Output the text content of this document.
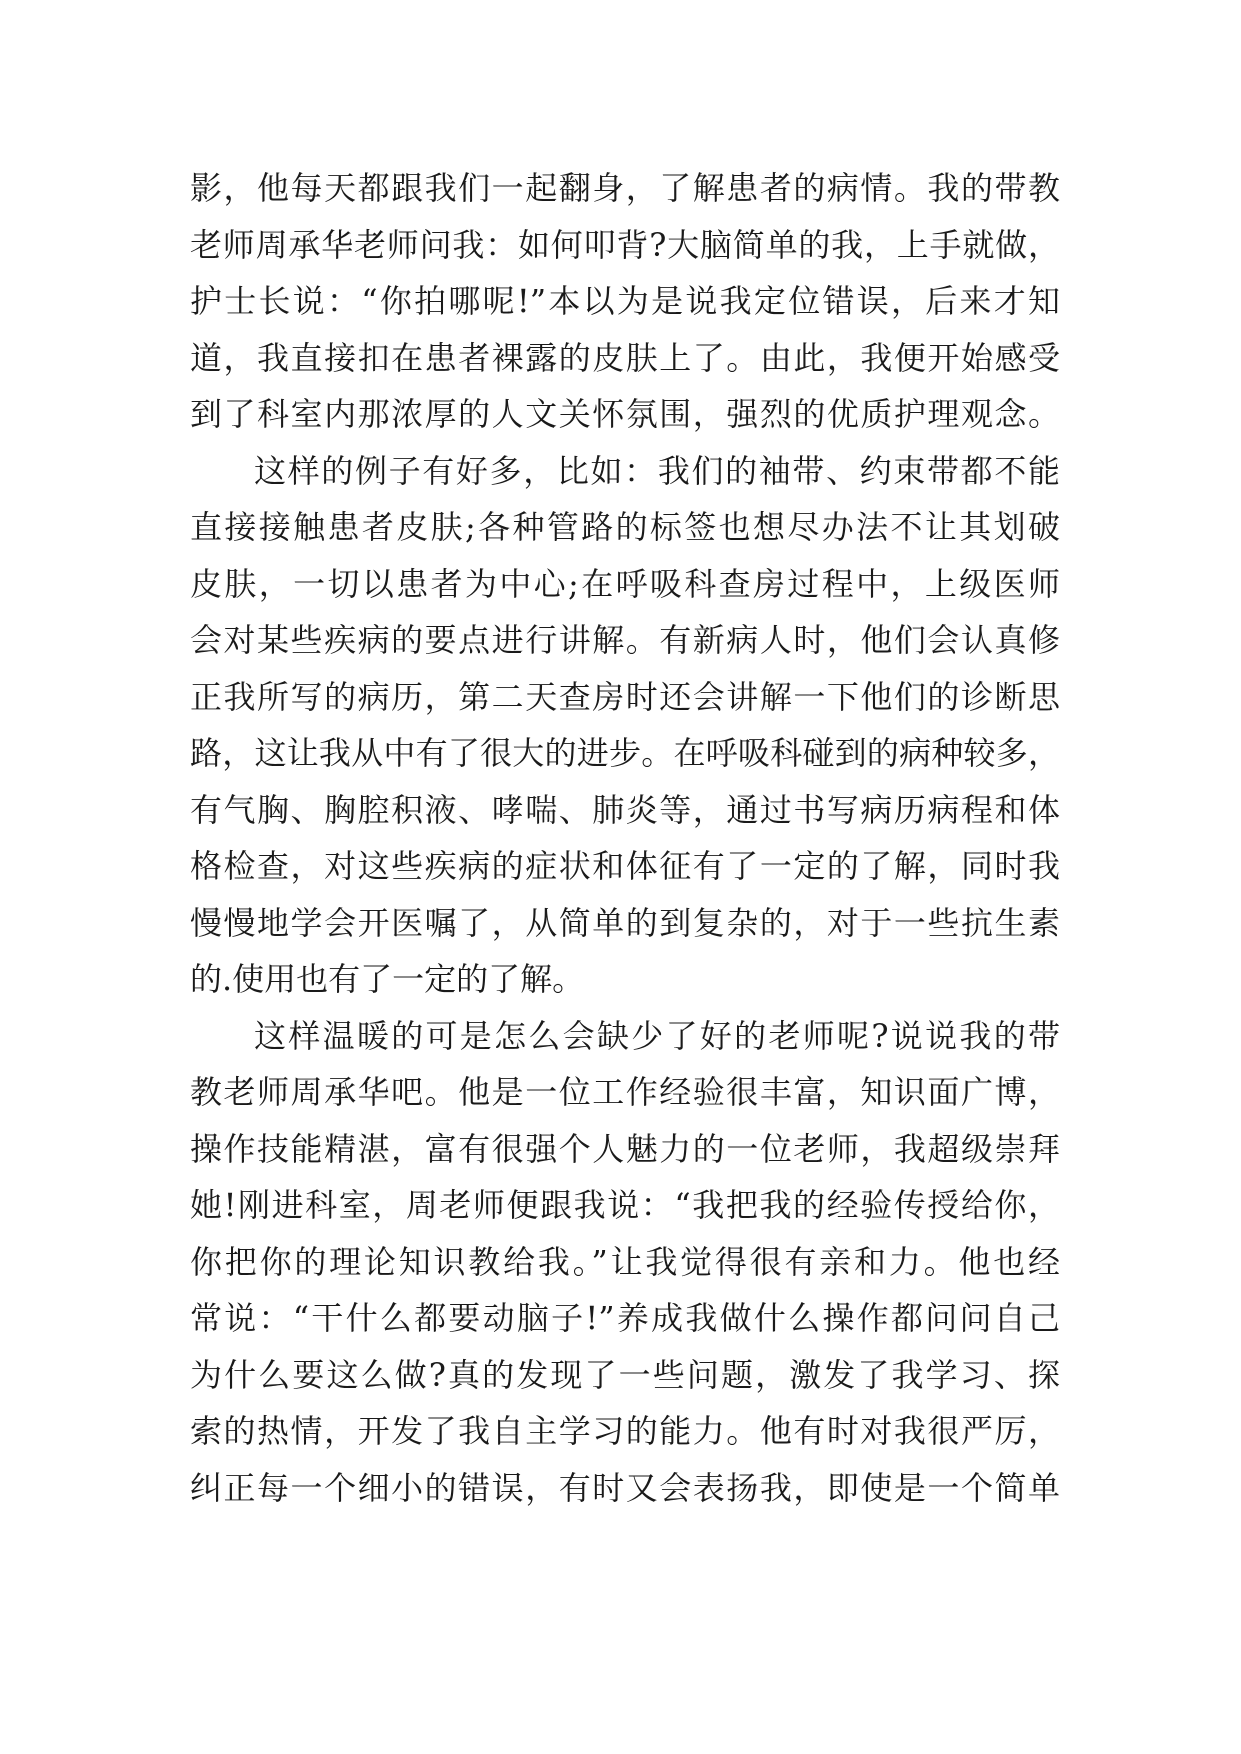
影，他每天都跟我们一起翻身，了解患者的病情。我的带教
老师周承华老师问我：如何叩背?大脑简单的我，上手就做，
护士长说：“你拍哪呢!”本以为是说我定位错误，后来才知
道，我直接扣在患者裸露的皮肤上了。由此，我便开始感受
到了科室内那浓厚的人文关怀氛围，强烈的优质护理观念。
这样的例子有好多，比如：我们的袖带、约束带都不能
直接接触患者皮肤;各种管路的标签也想尽办法不让其划破
皮肤，一切以患者为中心;在呼吸科查房过程中，上级医师
会对某些疾病的要点进行讲解。有新病人时，他们会认真修
正我所写的病历，第二天查房时还会讲解一下他们的诊断思
路，这让我从中有了很大的进步。在呼吸科碰到的病种较多，
有气胸、胸腔积液、哮喘、肺炎等，通过书写病历病程和体
格检查，对这些疾病的症状和体征有了一定的了解，同时我
慢慢地学会开医嘱了，从简单的到复杂的，对于一些抗生素
的.使用也有了一定的了解。
这样温暖的可是怎么会缺少了好的老师呢?说说我的带
教老师周承华吧。他是一位工作经验很丰富，知识面广博，
操作技能精湛，富有很强个人魅力的一位老师，我超级崇拜
她!刚进科室，周老师便跟我说：“我把我的经验传授给你，
你把你的理论知识教给我。”让我觉得很有亲和力。他也经
常说：“干什么都要动脑子!”养成我做什么操作都问问自己
为什么要这么做?真的发现了一些问题，激发了我学习、探
索的热情，开发了我自主学习的能力。他有时对我很严厉，
纠正每一个细小的错误，有时又会表扬我，即使是一个简单
